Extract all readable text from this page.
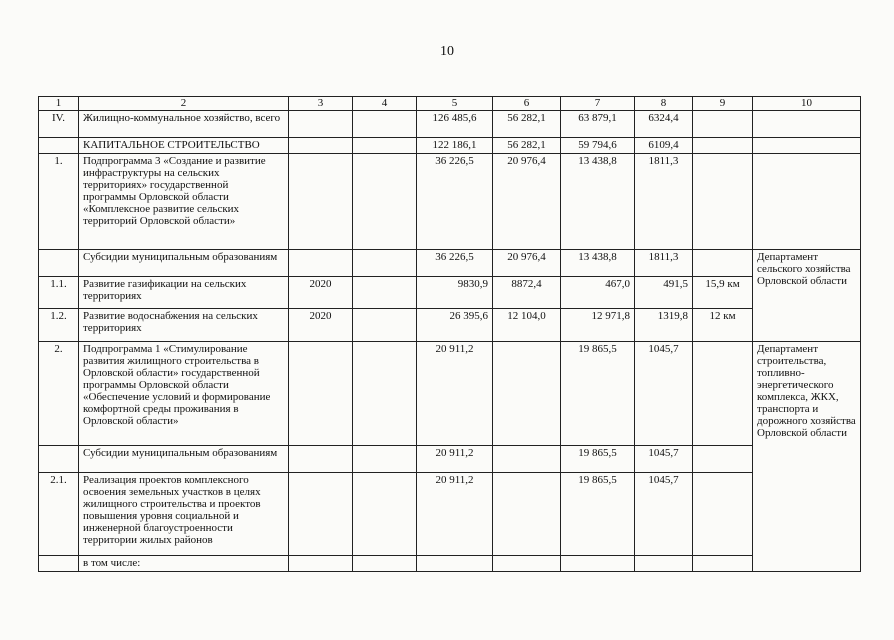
10
1	2	3	4	5	6	7	8	9	10
IV.	Жилищно-коммунальное хозяйство, всего			126 485,6	56 282,1	63 879,1	6324,4		
	КАПИТАЛЬНОЕ СТРОИТЕЛЬСТВО			122 186,1	56 282,1	59 794,6	6109,4		
1.	Подпрограмма 3 «Создание и развитие инфраструктуры на сельских территориях» государственной программы Орловской области «Комплексное развитие сельских территорий Орловской области»			36 226,5	20 976,4	13 438,8	1811,3		
	Субсидии муниципальным образованиям			36 226,5	20 976,4	13 438,8	1811,3		Департамент сельского хозяйства Орловской области
1.1.	Развитие газификации на сельских территориях	2020		9830,9	8872,4	467,0	491,5	15,9 км	
1.2.	Развитие водоснабжения на сельских территориях	2020		26 395,6	12 104,0	12 971,8	1319,8	12 км	
2.	Подпрограмма 1 «Стимулирование развития жилищного строительства в Орловской области» государственной программы Орловской области «Обеспечение условий и формирование комфортной среды проживания в Орловской области»			20 911,2		19 865,5	1045,7		Департамент строительства, топливно-энергетического комплекса, ЖКХ, транспорта и дорожного хозяйства Орловской области
	Субсидии муниципальным образованиям			20 911,2		19 865,5	1045,7		
2.1.	Реализация проектов комплексного освоения земельных участков в целях жилищного строительства и проектов повышения уровня социальной и инженерной благоустроенности территории жилых районов			20 911,2		19 865,5	1045,7		
	в том числе:								
